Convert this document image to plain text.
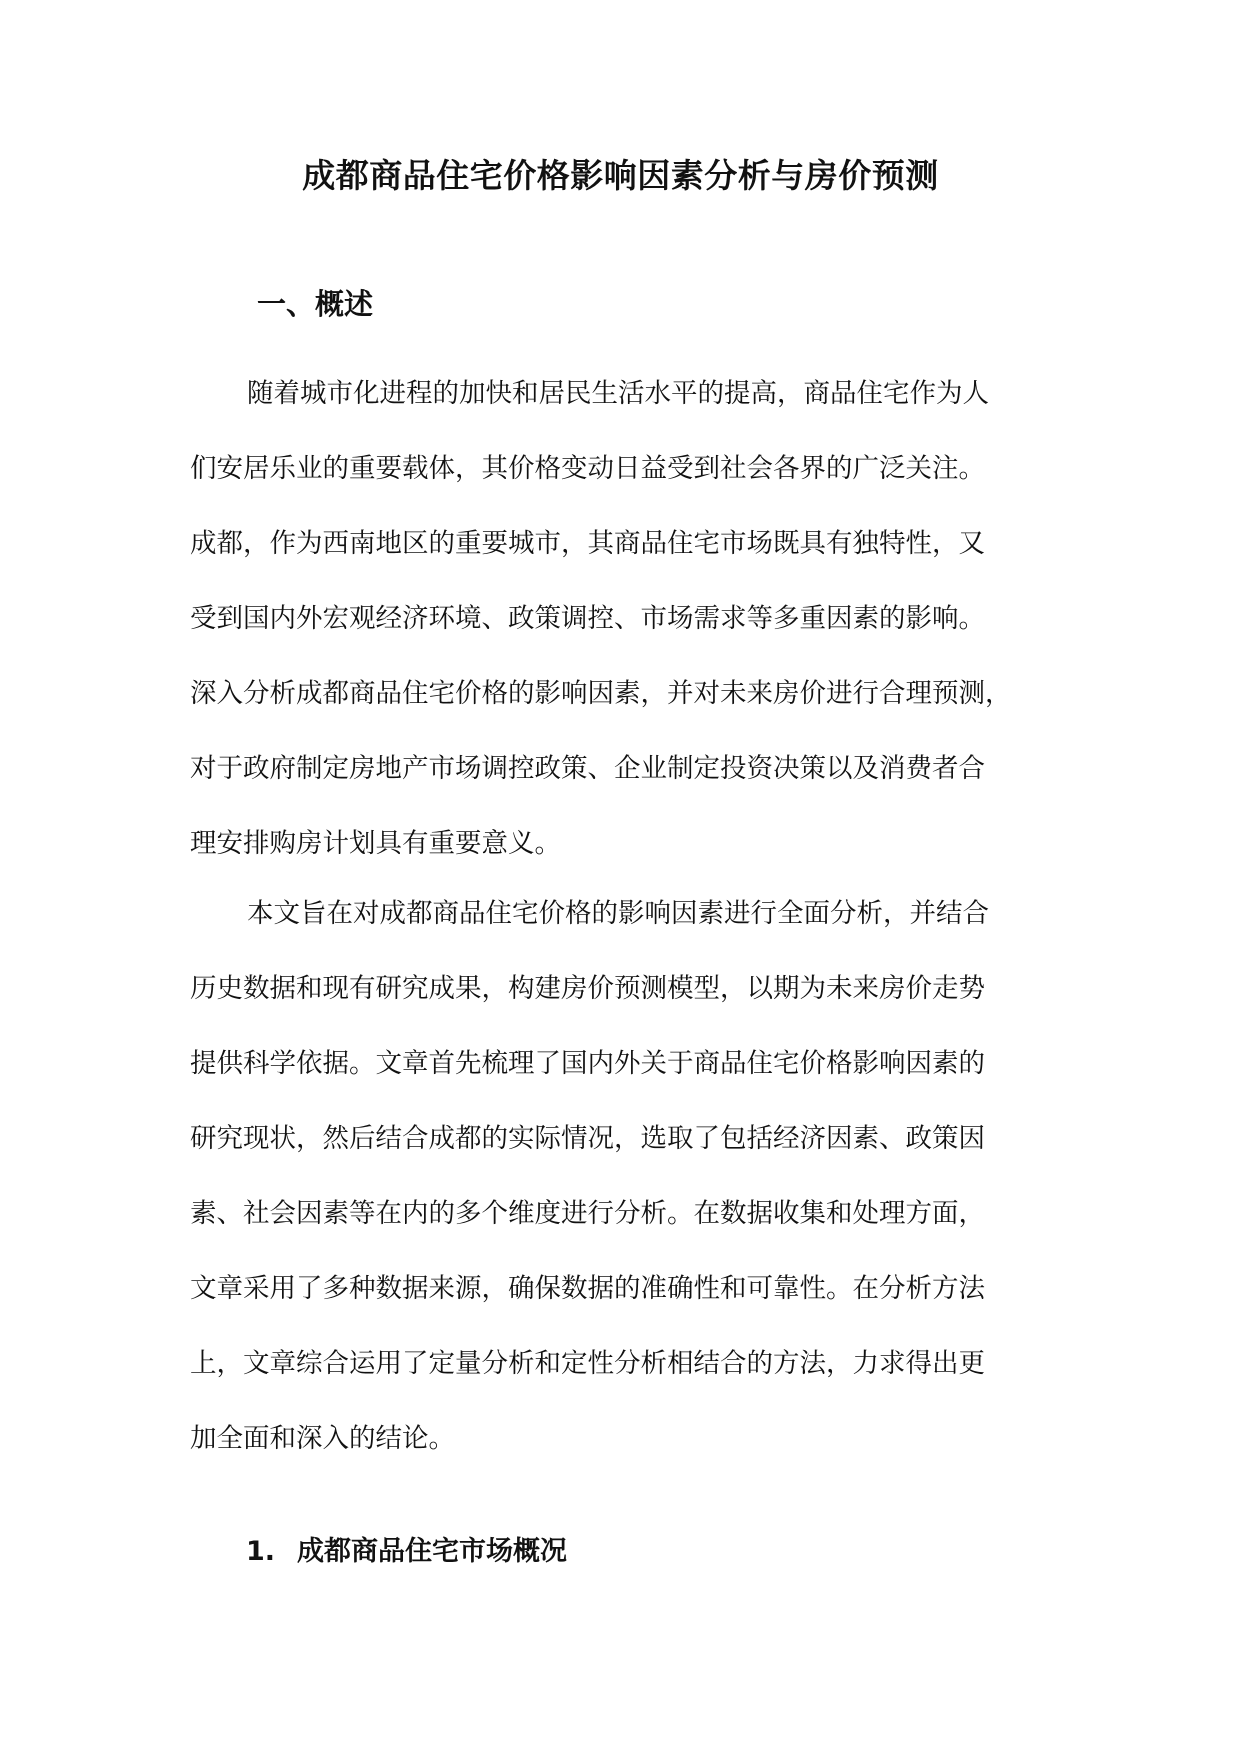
成都商品住宅价格影响因素分析与房价预测
一、概述
随着城市化进程的加快和居民生活水平的提高，商品住宅作为人
们安居乐业的重要载体，其价格变动日益受到社会各界的广泛关注。
成都，作为西南地区的重要城市，其商品住宅市场既具有独特性，又
受到国内外宏观经济环境、政策调控、市场需求等多重因素的影响。
深入分析成都商品住宅价格的影响因素，并对未来房价进行合理预测，
对于政府制定房地产市场调控政策、企业制定投资决策以及消费者合
理安排购房计划具有重要意义。
本文旨在对成都商品住宅价格的影响因素进行全面分析，并结合
历史数据和现有研究成果，构建房价预测模型，以期为未来房价走势
提供科学依据。文章首先梳理了国内外关于商品住宅价格影响因素的
研究现状，然后结合成都的实际情况，选取了包括经济因素、政策因
素、社会因素等在内的多个维度进行分析。在数据收集和处理方面，
文章采用了多种数据来源，确保数据的准确性和可靠性。在分析方法
上，文章综合运用了定量分析和定性分析相结合的方法，力求得出更
加全面和深入的结论。
1. 成都商品住宅市场概况
